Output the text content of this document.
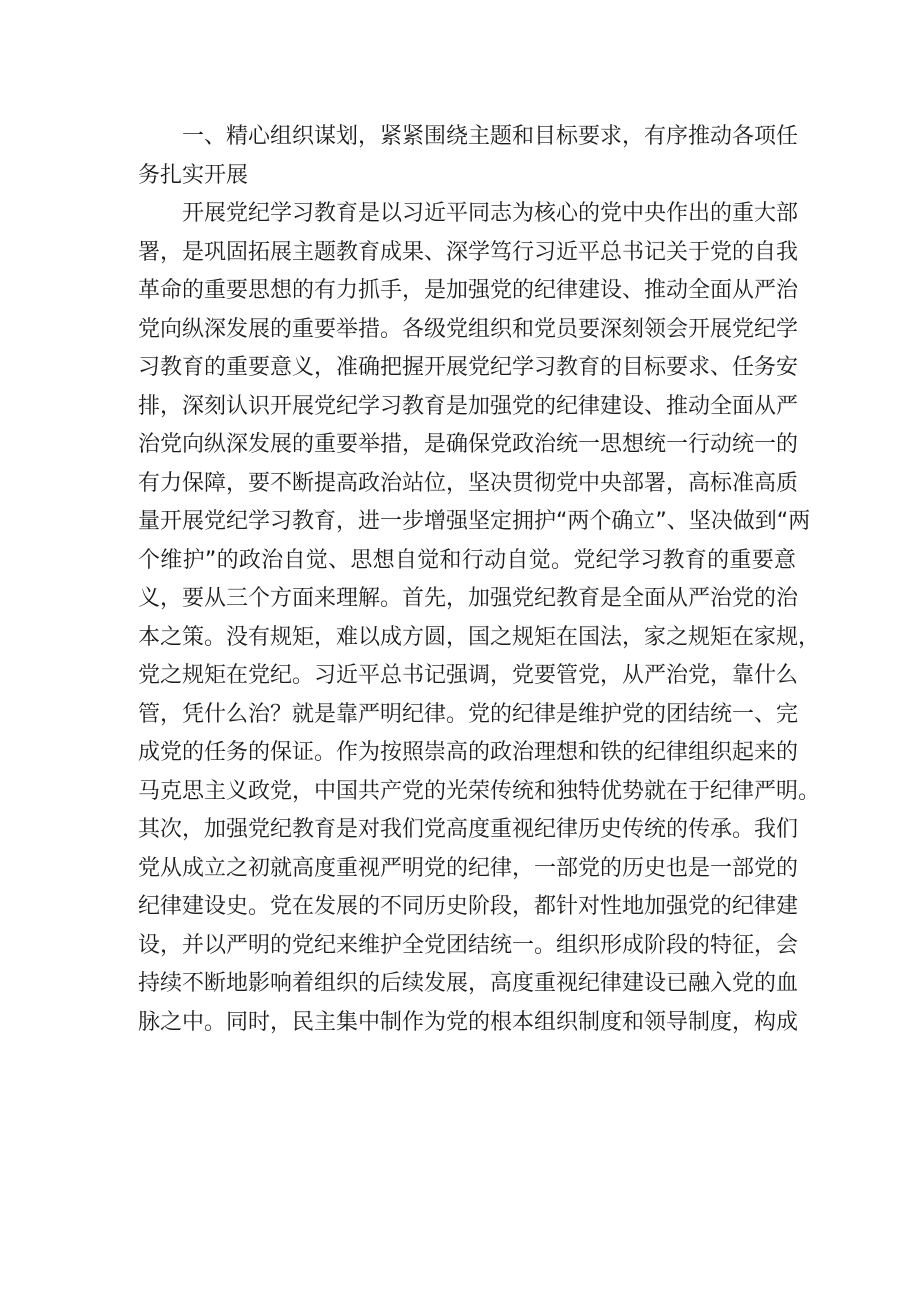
一、精心组织谋划，紧紧围绕主题和目标要求，有序推动各项任
务扎实开展
开展党纪学习教育是以习近平同志为核心的党中央作出的重大部
署，是巩固拓展主题教育成果、深学笃行习近平总书记关于党的自我
革命的重要思想的有力抓手，是加强党的纪律建设、推动全面从严治
党向纵深发展的重要举措。各级党组织和党员要深刻领会开展党纪学
习教育的重要意义，准确把握开展党纪学习教育的目标要求、任务安
排，深刻认识开展党纪学习教育是加强党的纪律建设、推动全面从严
治党向纵深发展的重要举措，是确保党政治统一思想统一行动统一的
有力保障，要不断提高政治站位，坚决贯彻党中央部署，高标准高质
量开展党纪学习教育，进一步增强坚定拥护“两个确立”、坚决做到“两
个维护”的政治自觉、思想自觉和行动自觉。党纪学习教育的重要意
义，要从三个方面来理解。首先，加强党纪教育是全面从严治党的治
本之策。没有规矩，难以成方圆，国之规矩在国法，家之规矩在家规，
党之规矩在党纪。习近平总书记强调，党要管党，从严治党，靠什么
管，凭什么治？就是靠严明纪律。党的纪律是维护党的团结统一、完
成党的任务的保证。作为按照崇高的政治理想和铁的纪律组织起来的
马克思主义政党，中国共产党的光荣传统和独特优势就在于纪律严明。
其次，加强党纪教育是对我们党高度重视纪律历史传统的传承。我们
党从成立之初就高度重视严明党的纪律，一部党的历史也是一部党的
纪律建设史。党在发展的不同历史阶段，都针对性地加强党的纪律建
设，并以严明的党纪来维护全党团结统一。组织形成阶段的特征，会
持续不断地影响着组织的后续发展，高度重视纪律建设已融入党的血
脉之中。同时，民主集中制作为党的根本组织制度和领导制度，构成
